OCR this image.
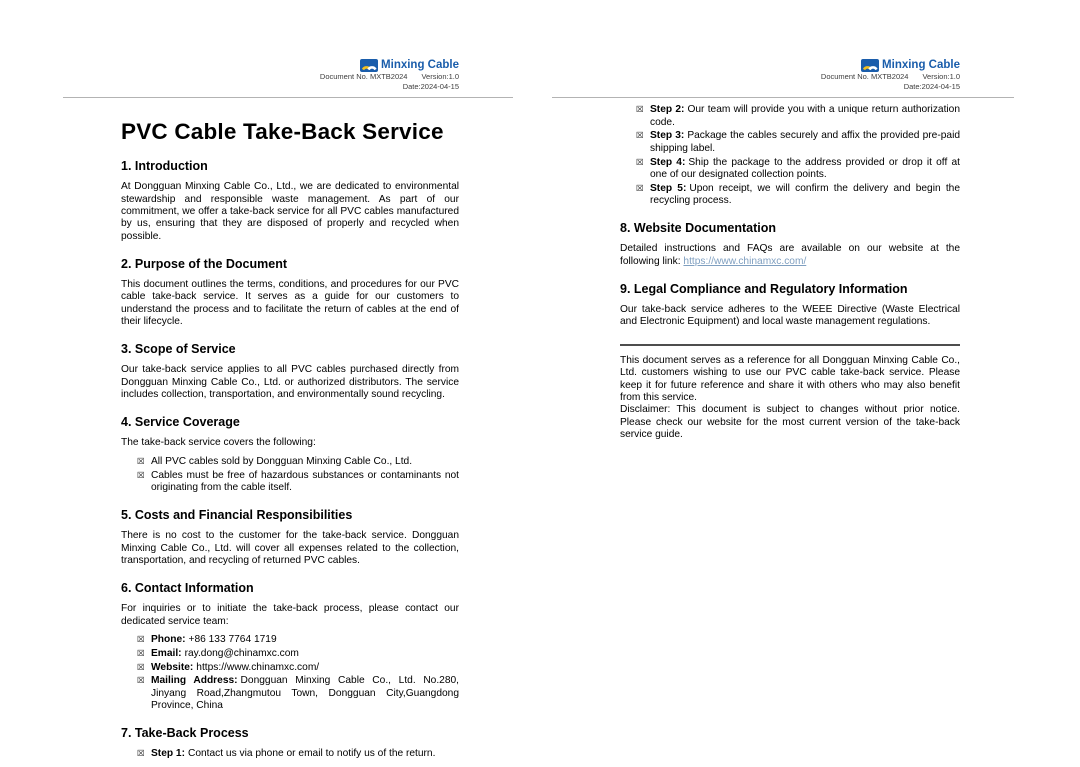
Minxing Cable
Document No. MXTB2024 Version:1.0
Date:2024-04-15
PVC Cable Take-Back Service
1. Introduction

At Dongguan Minxing Cable Co., Ltd., we are dedicated to environmental stewardship and responsible waste management. As part of our commitment, we offer a take-back service for all PVC cables manufactured by us, ensuring that they are disposed of properly and recycled when possible.

2. Purpose of the Document

This document outlines the terms, conditions, and procedures for our PVC cable take-back service. It serves as a guide for our customers to understand the process and to facilitate the return of cables at the end of their lifecycle.

3. Scope of Service

Our take-back service applies to all PVC cables purchased directly from Dongguan Minxing Cable Co., Ltd. or authorized distributors. The service includes collection, transportation, and environmentally sound recycling.

4. Service Coverage

The take-back service covers the following:

☒ All PVC cables sold by Dongguan Minxing Cable Co., Ltd.
☒ Cables must be free of hazardous substances or contaminants not originating from the cable itself.
5. Costs and Financial Responsibilities

There is no cost to the customer for the take-back service. Dongguan Minxing Cable Co., Ltd. will cover all expenses related to the collection, transportation, and recycling of returned PVC cables.

6. Contact Information

For inquiries or to initiate the take-back process, please contact our dedicated service team:

☒ Phone: +86 133 7764 1719
☒ Email: ray.dong@chinamxc.com
☒ Website: https://www.chinamxc.com/
☒ Mailing Address: Dongguan Minxing Cable Co., Ltd. No.280, Jinyang Road,Zhangmutou Town, Dongguan City,Guangdong Province, China
7. Take-Back Process
☒ Step 1: Contact us via phone or email to notify us of the return.
Minxing Cable
Document No. MXTB2024 Version:1.0
Date:2024-04-15
☒ Step 2: Our team will provide you with a unique return authorization code.
☒ Step 3: Package the cables securely and affix the provided pre-paid shipping label.
☒ Step 4: Ship the package to the address provided or drop it off at one of our designated collection points.
☒ Step 5: Upon receipt, we will confirm the delivery and begin the recycling process.
8. Website Documentation

Detailed instructions and FAQs are available on our website at the following link: https://www.chinamxc.com/

9. Legal Compliance and Regulatory Information

Our take-back service adheres to the WEEE Directive (Waste Electrical and Electronic Equipment) and local waste management regulations.

This document serves as a reference for all Dongguan Minxing Cable Co., Ltd. customers wishing to use our PVC cable take-back service. Please keep it for future reference and share it with others who may also benefit from this service.

Disclaimer: This document is subject to changes without prior notice. Please check our website for the most current version of the take-back service guide.
